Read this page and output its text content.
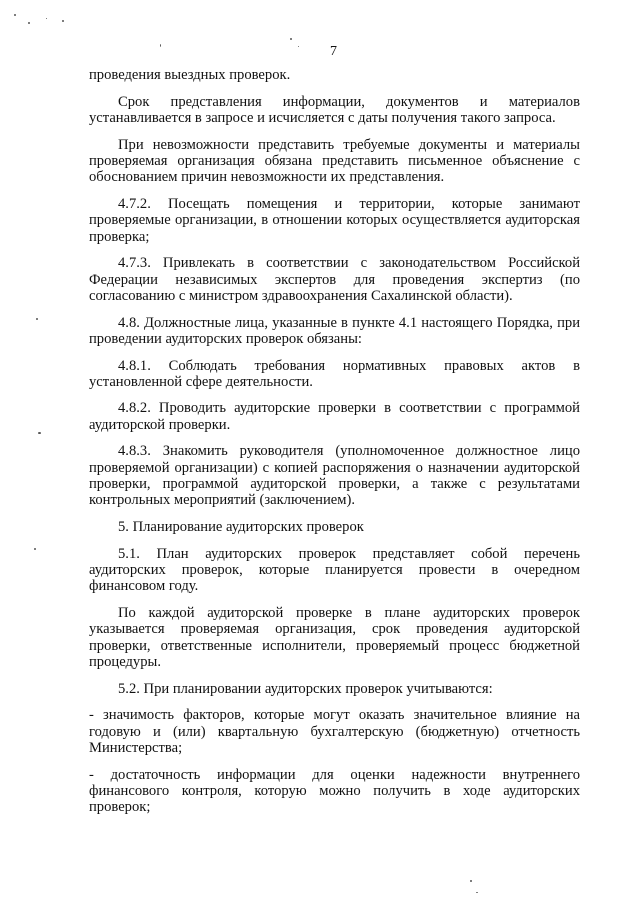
7

проведения выездных проверок.

Срок представления информации, документов и материалов устанавливается в запросе и исчисляется с даты получения такого запроса.

При невозможности представить требуемые документы и материалы проверяемая организация обязана представить письменное объяснение с обоснованием причин невозможности их представления.

4.7.2. Посещать помещения и территории, которые занимают проверяемые организации, в отношении которых осуществляется аудиторская проверка;

4.7.3. Привлекать в соответствии с законодательством Российской Федерации независимых экспертов для проведения экспертиз (по согласованию с министром здравоохранения Сахалинской области).

4.8. Должностные лица, указанные в пункте 4.1 настоящего Порядка, при проведении аудиторских проверок обязаны:

4.8.1. Соблюдать требования нормативных правовых актов в установленной сфере деятельности.

4.8.2. Проводить аудиторские проверки в соответствии с программой аудиторской проверки.

4.8.3. Знакомить руководителя (уполномоченное должностное лицо проверяемой организации) с копией распоряжения о назначении аудиторской проверки, программой аудиторской проверки, а также с результатами контрольных мероприятий (заключением).

5. Планирование аудиторских проверок

5.1. План аудиторских проверок представляет собой перечень аудиторских проверок, которые планируется провести в очередном финансовом году.

По каждой аудиторской проверке в плане аудиторских проверок указывается проверяемая организация, срок проведения аудиторской проверки, ответственные исполнители, проверяемый процесс бюджетной процедуры.

5.2. При планировании аудиторских проверок учитываются:

- значимость факторов, которые могут оказать значительное влияние на годовую и (или) квартальную бухгалтерскую (бюджетную) отчетность Министерства;

- достаточность информации для оценки надежности внутреннего финансового контроля, которую можно получить в ходе аудиторских проверок;
